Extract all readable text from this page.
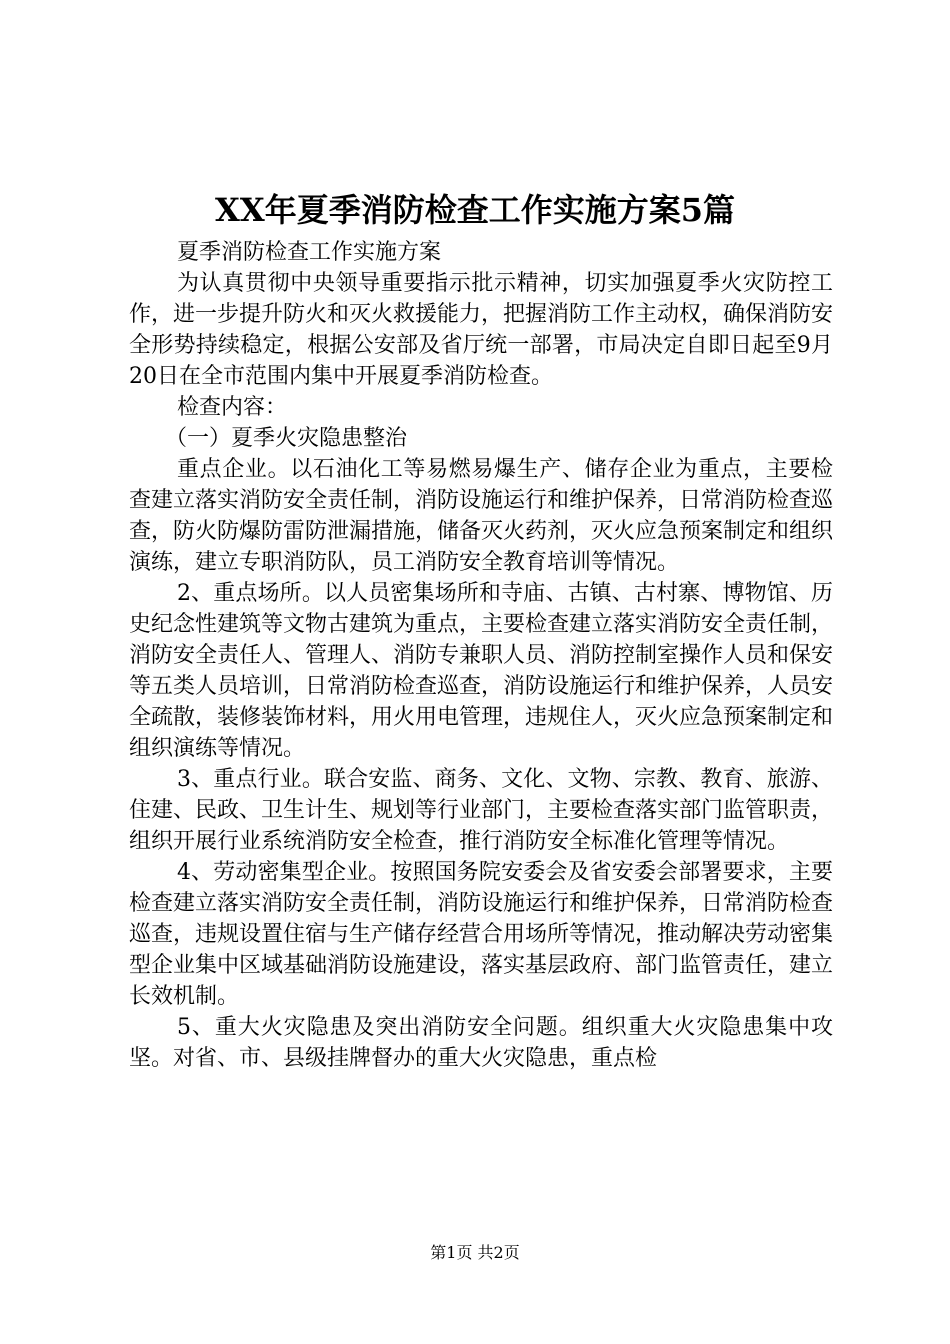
XX年夏季消防检查工作实施方案5篇

夏季消防检查工作实施方案

为认真贯彻中央领导重要指示批示精神，切实加强夏季火灾防控工作，进一步提升防火和灭火救援能力，把握消防工作主动权，确保消防安全形势持续稳定，根据公安部及省厅统一部署，市局决定自即日起至9月20日在全市范围内集中开展夏季消防检查。

检查内容：

（一）夏季火灾隐患整治

重点企业。以石油化工等易燃易爆生产、储存企业为重点，主要检查建立落实消防安全责任制，消防设施运行和维护保养，日常消防检查巡查，防火防爆防雷防泄漏措施，储备灭火药剂，灭火应急预案制定和组织演练，建立专职消防队，员工消防安全教育培训等情况。

2、重点场所。以人员密集场所和寺庙、古镇、古村寨、博物馆、历史纪念性建筑等文物古建筑为重点，主要检查建立落实消防安全责任制，消防安全责任人、管理人、消防专兼职人员、消防控制室操作人员和保安等五类人员培训，日常消防检查巡查，消防设施运行和维护保养，人员安全疏散，装修装饰材料，用火用电管理，违规住人，灭火应急预案制定和组织演练等情况。

3、重点行业。联合安监、商务、文化、文物、宗教、教育、旅游、住建、民政、卫生计生、规划等行业部门，主要检查落实部门监管职责，组织开展行业系统消防安全检查，推行消防安全标准化管理等情况。

4、劳动密集型企业。按照国务院安委会及省安委会部署要求，主要检查建立落实消防安全责任制，消防设施运行和维护保养，日常消防检查巡查，违规设置住宿与生产储存经营合用场所等情况，推动解决劳动密集型企业集中区域基础消防设施建设，落实基层政府、部门监管责任，建立长效机制。

5、重大火灾隐患及突出消防安全问题。组织重大火灾隐患集中攻坚。对省、市、县级挂牌督办的重大火灾隐患，重点检

第1页 共2页
